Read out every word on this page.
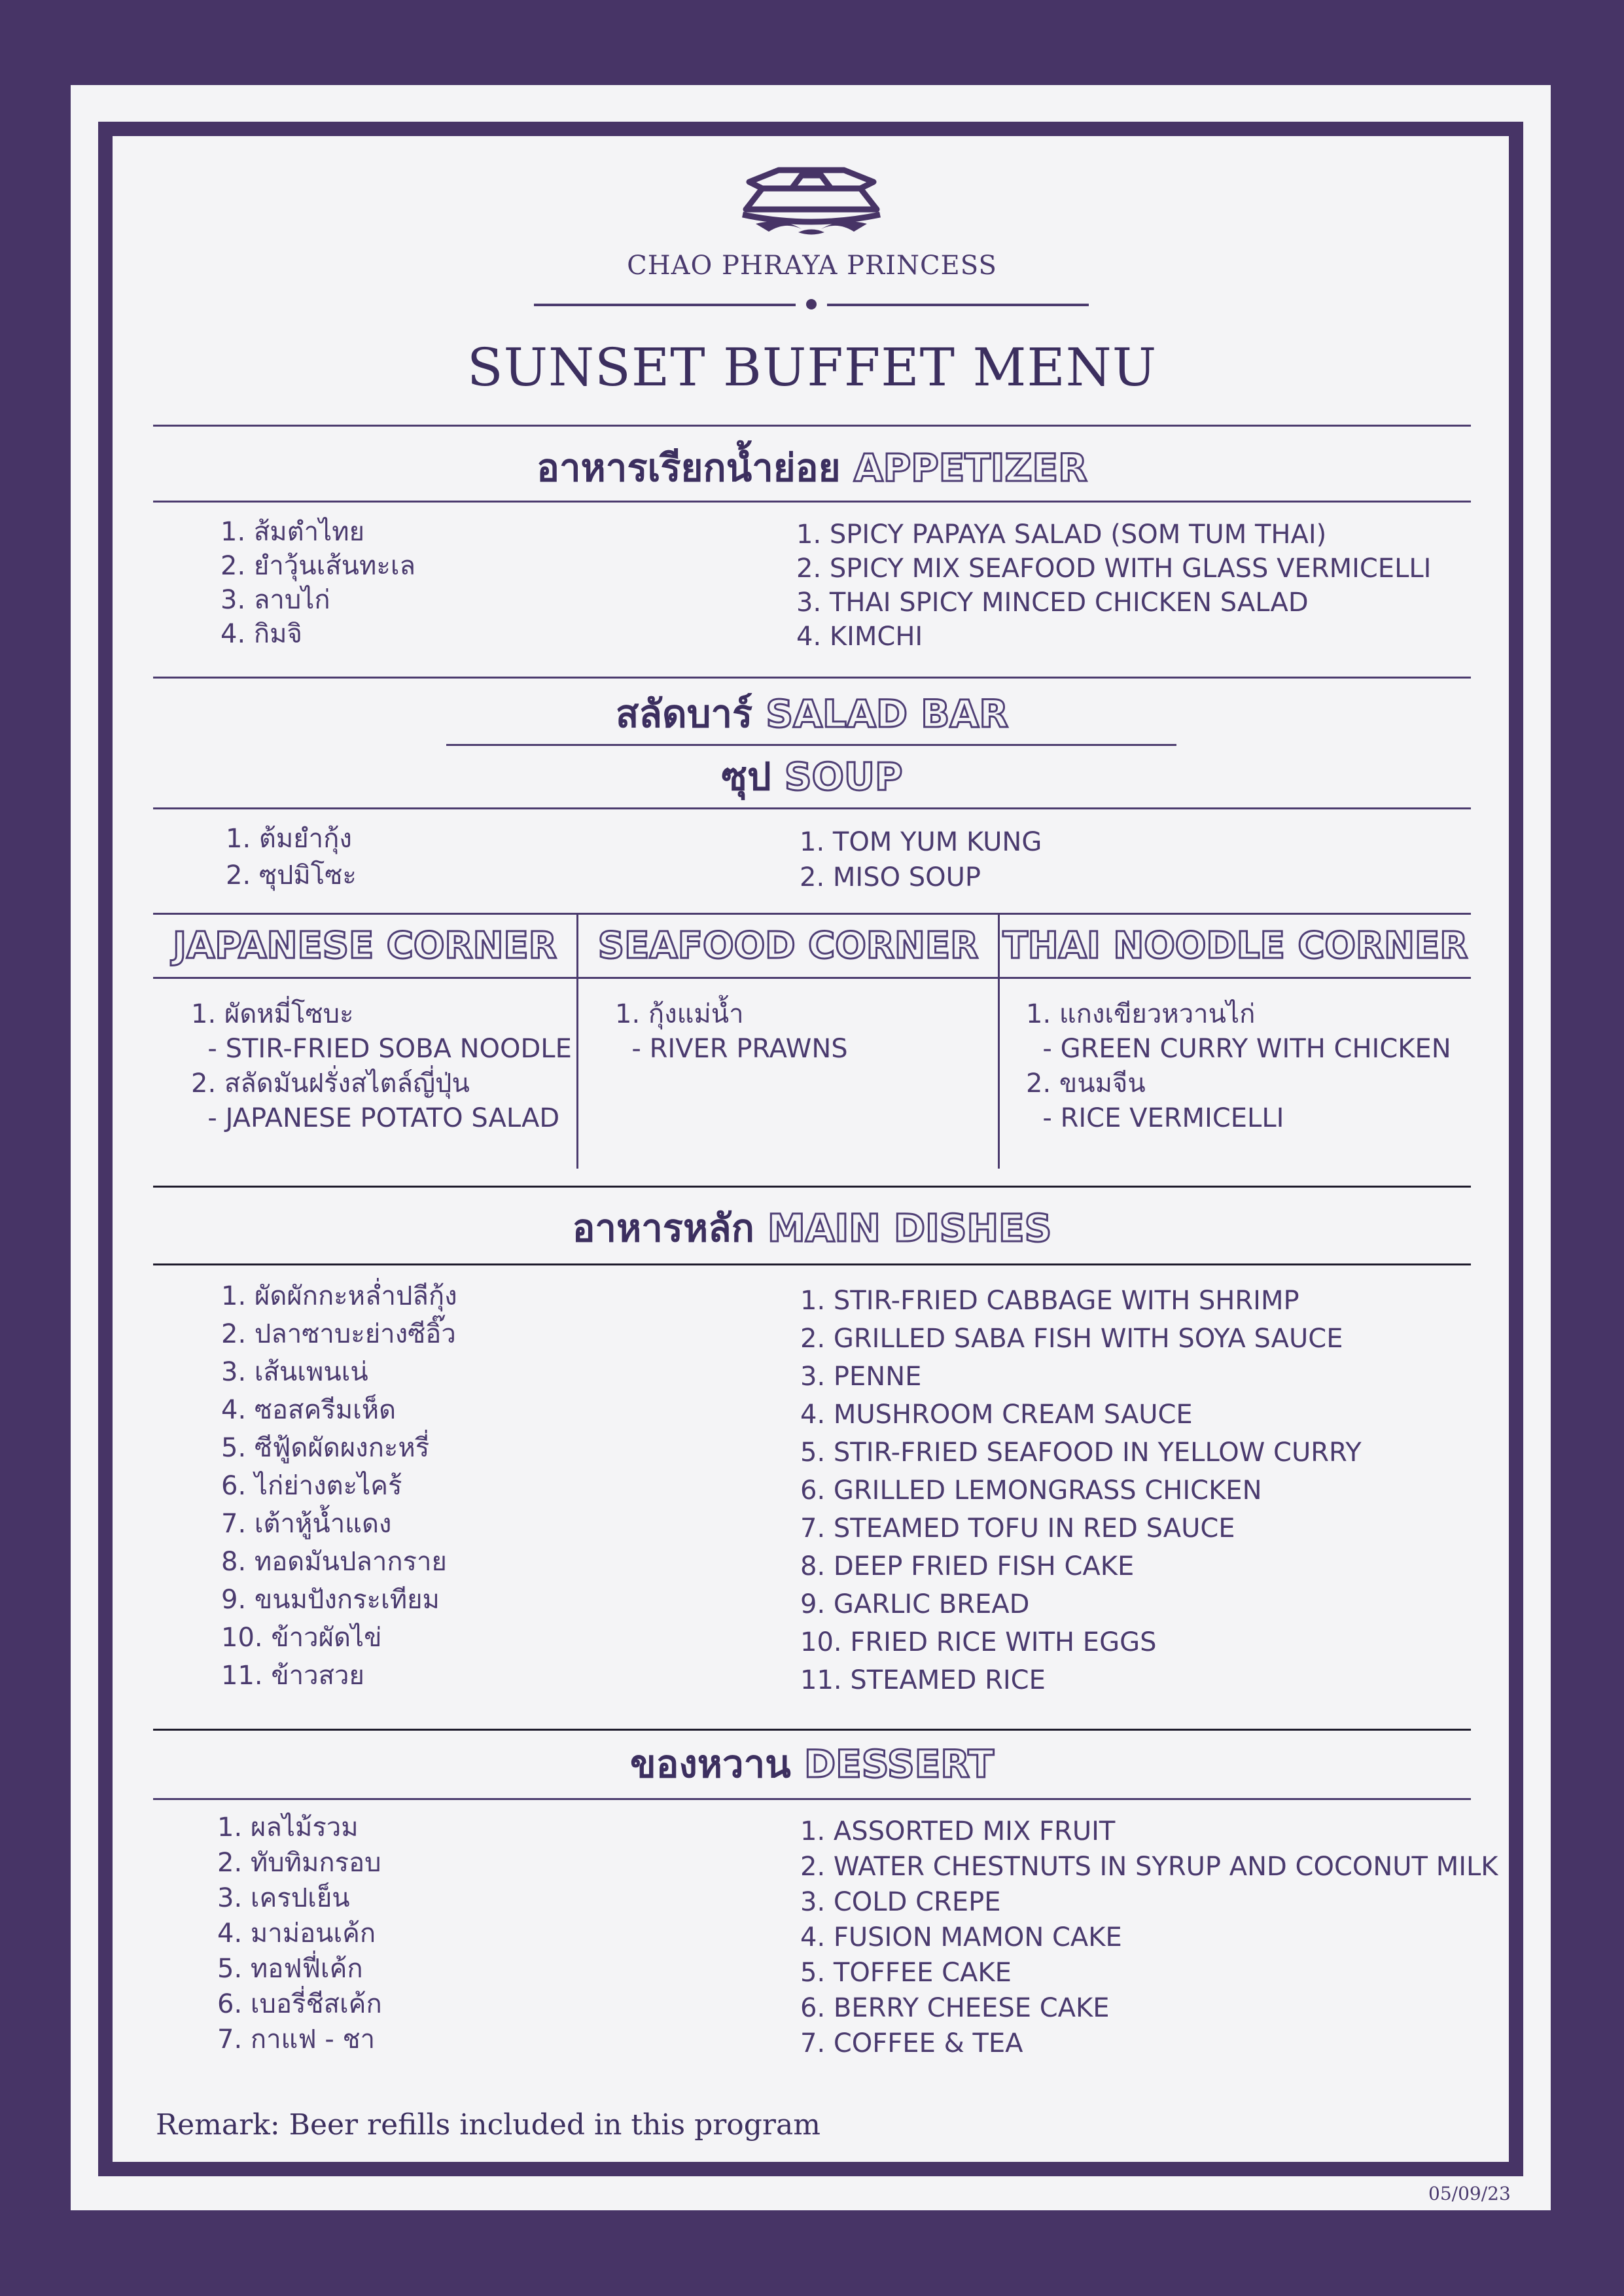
CHAO PHRAYA PRINCESS
SUNSET BUFFET MENU
อาหารเรียกน้ำย่อย APPETIZER
1. ส้มตำไทย
2. ยำวุ้นเส้นทะเล
3. ลาบไก่
4. กิมจิ
1. SPICY PAPAYA SALAD (SOM TUM THAI)
2. SPICY MIX SEAFOOD WITH GLASS VERMICELLI
3. THAI SPICY MINCED CHICKEN SALAD
4. KIMCHI
สลัดบาร์ SALAD BAR
ซุป SOUP
1. ต้มยำกุ้ง
2. ซุปมิโซะ
1. TOM YUM KUNG
2. MISO SOUP
JAPANESE CORNER	SEAFOOD CORNER THAI NOODLE CORNER

1. ผัดหมี่โซบะ

- STIR-FRIED SOBA NOODLE

2. สลัดมันฝรั่งสไตล์ญี่ปุ่น

- JAPANESE POTATO SALAD

1. กุ้งแม่น้ำ
- RIVER PRAWNS
1. แกงเขียวหวานไก่
- GREEN CURRY WITH CHICKEN
2. ขนมจีน
- RICE VERMICELLI
อาหารหลัก MAIN DISHES
1. ผัดผักกะหล่ำปลีกุ้ง
2. ปลาซาบะย่างซีอิ๊ว
3. เส้นเพนเน่
4. ซอสครีมเห็ด
5. ซีฟู้ดผัดผงกะหรี่
6. ไก่ย่างตะไคร้
7. เต้าหู้น้ำแดง
8. ทอดมันปลากราย
9. ขนมปังกระเทียม
10. ข้าวผัดไข่
11. ข้าวสวย
1. STIR-FRIED CABBAGE WITH SHRIMP
2. GRILLED SABA FISH WITH SOYA SAUCE
3. PENNE
4. MUSHROOM CREAM SAUCE
5. STIR-FRIED SEAFOOD IN YELLOW CURRY
6. GRILLED LEMONGRASS CHICKEN
7. STEAMED TOFU IN RED SAUCE
8. DEEP FRIED FISH CAKE
9. GARLIC BREAD
10. FRIED RICE WITH EGGS
11. STEAMED RICE
ของหวาน DESSERT
1. ผลไม้รวม
2. ทับทิมกรอบ
3. เครปเย็น
4. มาม่อนเค้ก
5. ทอฟฟี่เค้ก
6. เบอรี่ชีสเค้ก
7. กาแฟ - ชา
1. ASSORTED MIX FRUIT
2. WATER CHESTNUTS IN SYRUP AND COCONUT MILK
3. COLD CREPE
4. FUSION MAMON CAKE
5. TOFFEE CAKE
6. BERRY CHEESE CAKE
7. COFFEE & TEA
Remark: Beer refills included in this program
05/09/23
